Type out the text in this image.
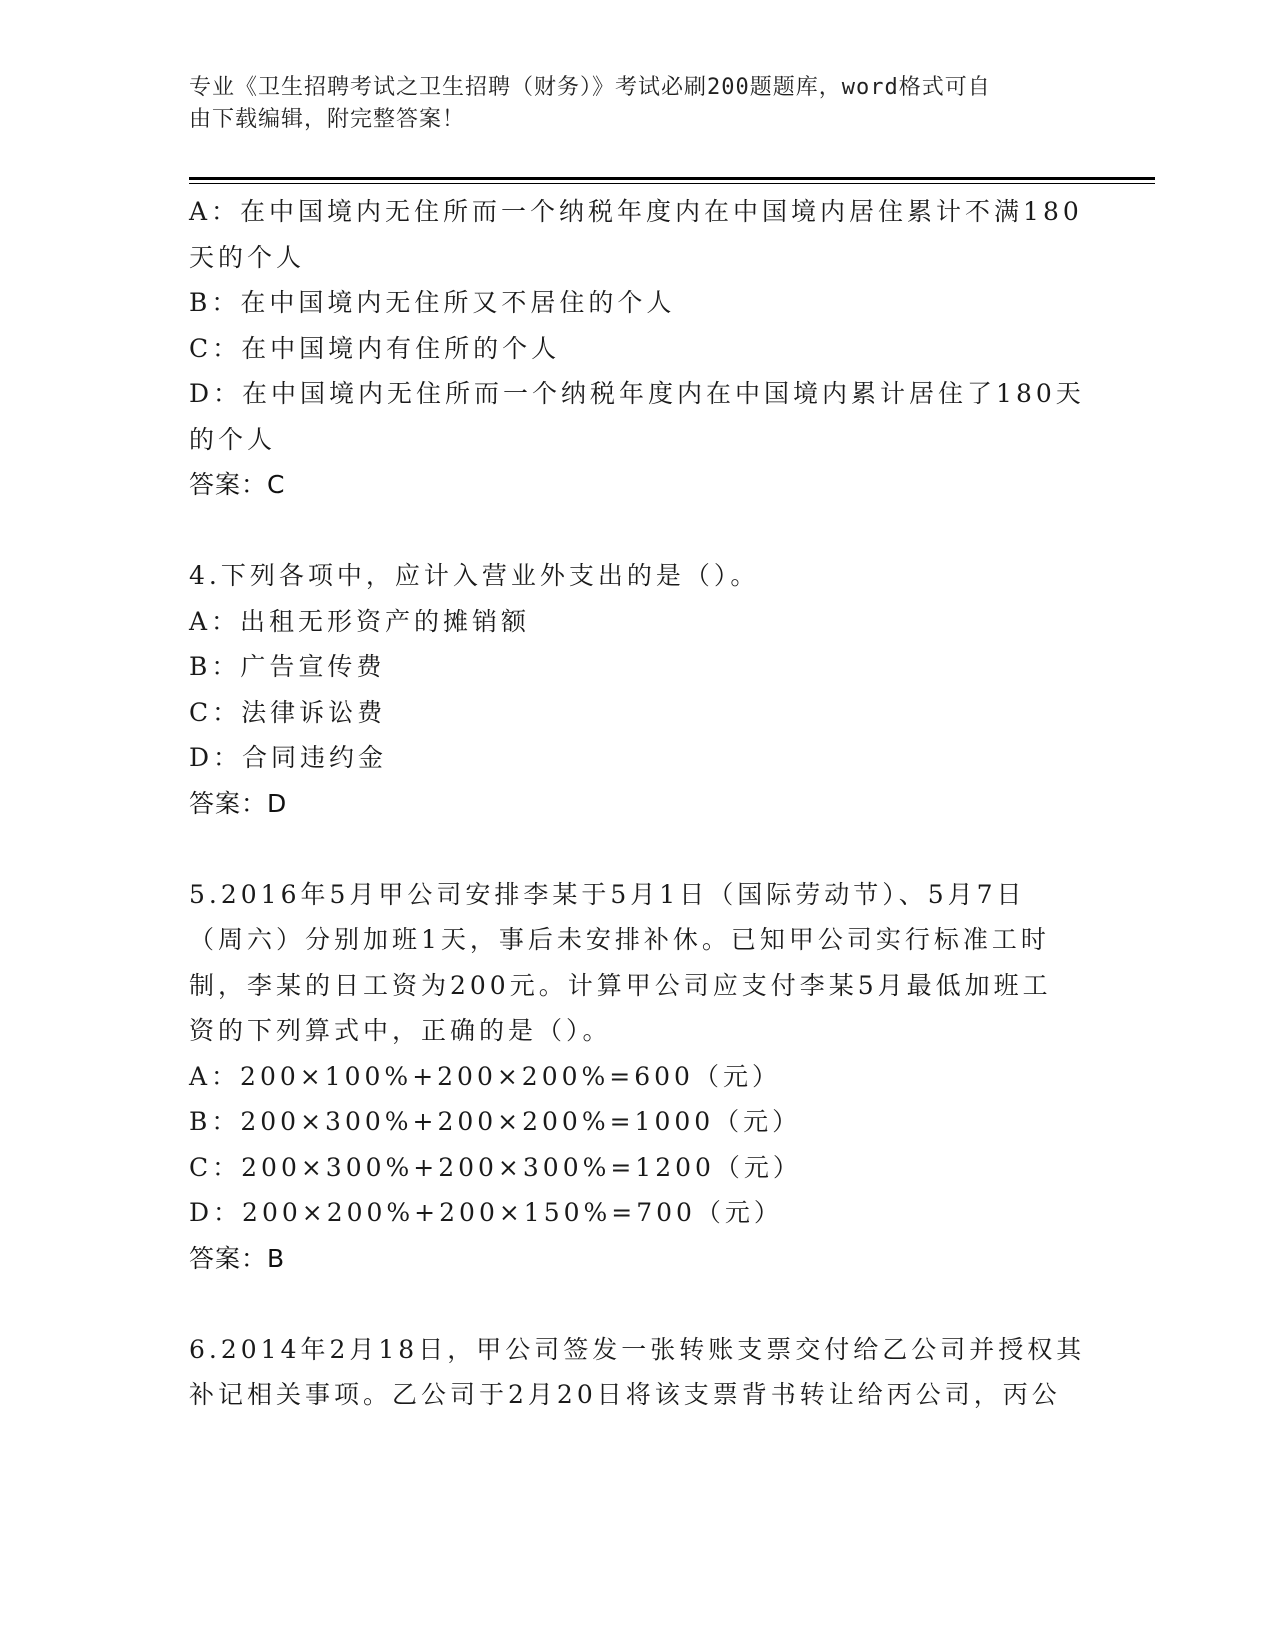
专业《卫生招聘考试之卫生招聘（财务）》考试必刷200题题库，word格式可自
由下载编辑，附完整答案！
A：在中国境内无住所而一个纳税年度内在中国境内居住累计不满180
天的个人
B：在中国境内无住所又不居住的个人
C：在中国境内有住所的个人
D：在中国境内无住所而一个纳税年度内在中国境内累计居住了180天
的个人
答案：C
4.下列各项中，应计入营业外支出的是（）。
A：出租无形资产的摊销额
B：广告宣传费
C：法律诉讼费
D：合同违约金
答案：D
5.2016年5月甲公司安排李某于5月1日（国际劳动节）、5月7日
（周六）分别加班1天，事后未安排补休。已知甲公司实行标准工时
制，李某的日工资为200元。计算甲公司应支付李某5月最低加班工
资的下列算式中，正确的是（）。
A：200×100%+200×200%=600（元）
B：200×300%+200×200%=1000（元）
C：200×300%+200×300%=1200（元）
D：200×200%+200×150%=700（元）
答案：B
6.2014年2月18日，甲公司签发一张转账支票交付给乙公司并授权其
补记相关事项。乙公司于2月20日将该支票背书转让给丙公司，丙公
